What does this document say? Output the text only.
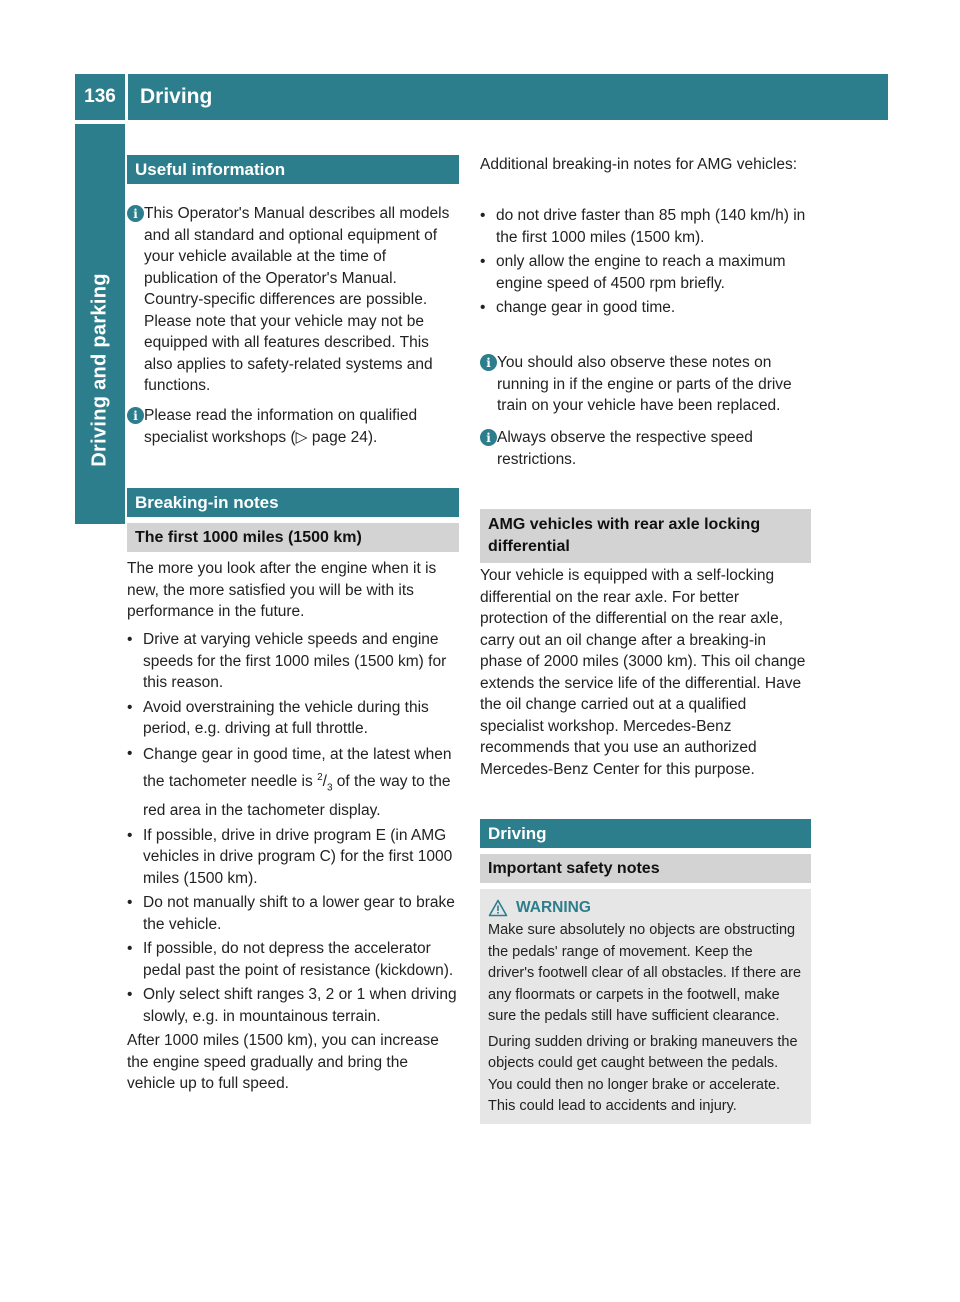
136	Driving
Driving and parking
Useful information
i This Operator's Manual describes all models and all standard and optional equipment of your vehicle available at the time of publication of the Operator's Manual. Country-specific differences are possible. Please note that your vehicle may not be equipped with all features described. This also applies to safety-related systems and functions.

i Please read the information on qualified specialist workshops (▷ page 24).

Breaking-in notes
The first 1000 miles (1500 km)

The more you look after the engine when it is new, the more satisfied you will be with its performance in the future.

• Drive at varying vehicle speeds and engine speeds for the first 1000 miles (1500 km) for this reason.

• Avoid overstraining the vehicle during this period, e.g. driving at full throttle.

• Change gear in good time, at the latest when the tachometer needle is $^2/_3$ of the way to the red area in the tachometer display.

• If possible, drive in drive program E (in AMG vehicles in drive program C) for the first 1000 miles (1500 km).

• Do not manually shift to a lower gear to brake the vehicle.

• If possible, do not depress the accelerator pedal past the point of resistance (kickdown).

• Only select shift ranges 3, 2 or 1 when driving slowly, e.g. in mountainous terrain.

After 1000 miles (1500 km), you can increase the engine speed gradually and bring the vehicle up to full speed.

Additional breaking-in notes for AMG vehicles:

• do not drive faster than 85 mph (140 km/h) in the first 1000 miles (1500 km).

• only allow the engine to reach a maximum engine speed of 4500 rpm briefly.

• change gear in good time.

i You should also observe these notes on running in if the engine or parts of the drive train on your vehicle have been replaced.

i Always observe the respective speed restrictions.

AMG vehicles with rear axle locking differential

Your vehicle is equipped with a self-locking differential on the rear axle. For better protection of the differential on the rear axle, carry out an oil change after a breaking-in phase of 2000 miles (3000 km). This oil change extends the service life of the differential. Have the oil change carried out at a qualified specialist workshop. Mercedes-Benz recommends that you use an authorized Mercedes-Benz Center for this purpose.

Driving
Important safety notes
WARNING

Make sure absolutely no objects are obstructing the pedals' range of movement. Keep the driver's footwell clear of all obstacles. If there are any floormats or carpets in the footwell, make sure the pedals still have sufficient clearance.

During sudden driving or braking maneuvers the objects could get caught between the pedals. You could then no longer brake or accelerate. This could lead to accidents and injury.
